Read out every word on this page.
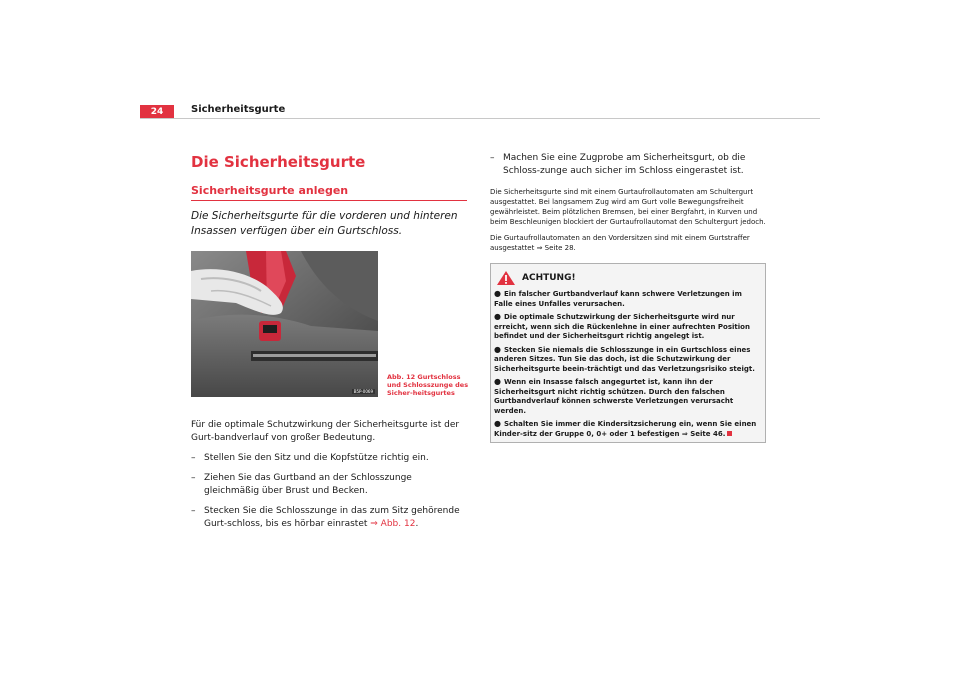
24	Sicherheitsgurte
Die Sicherheitsgurte
Sicherheitsgurte anlegen
Die Sicherheitsgurte für die vorderen und hinteren Insassen verfügen über ein Gurtschloss.
B5P-0069
Abb. 12 Gurtschloss und Schlosszunge des Sicher-heitsgurtes
Für die optimale Schutzwirkung der Sicherheitsgurte ist der Gurt-bandverlauf von großer Bedeutung.
– Stellen Sie den Sitz und die Kopfstütze richtig ein.
– Ziehen Sie das Gurtband an der Schlosszunge gleichmäßig über Brust und Becken.
– Stecken Sie die Schlosszunge in das zum Sitz gehörende Gurt-schloss, bis es hörbar einrastet ⇒ Abb. 12.
– Machen Sie eine Zugprobe am Sicherheitsgurt, ob die Schloss-zunge auch sicher im Schloss eingerastet ist.
Die Sicherheitsgurte sind mit einem Gurtaufrollautomaten am Schultergurt ausgestattet. Bei langsamem Zug wird am Gurt volle Bewegungsfreiheit gewährleistet. Beim plötzlichen Bremsen, bei einer Bergfahrt, in Kurven und beim Beschleunigen blockiert der Gurtaufrollautomat den Schultergurt jedoch.
Die Gurtaufrollautomaten an den Vordersitzen sind mit einem Gurtstraffer ausgestattet ⇒ Seite 28.
ACHTUNG!
● Ein falscher Gurtbandverlauf kann schwere Verletzungen im Falle eines Unfalles verursachen.
● Die optimale Schutzwirkung der Sicherheitsgurte wird nur erreicht, wenn sich die Rückenlehne in einer aufrechten Position befindet und der Sicherheitsgurt richtig angelegt ist.
● Stecken Sie niemals die Schlosszunge in ein Gurtschloss eines anderen Sitzes. Tun Sie das doch, ist die Schutzwirkung der Sicherheitsgurte beein-trächtigt und das Verletzungsrisiko steigt.
● Wenn ein Insasse falsch angegurtet ist, kann ihn der Sicherheitsgurt nicht richtig schützen. Durch den falschen Gurtbandverlauf können schwerste Verletzungen verursacht werden.
● Schalten Sie immer die Kindersitzsicherung ein, wenn Sie einen Kinder-sitz der Gruppe 0, 0+ oder 1 befestigen ⇒ Seite 46.
